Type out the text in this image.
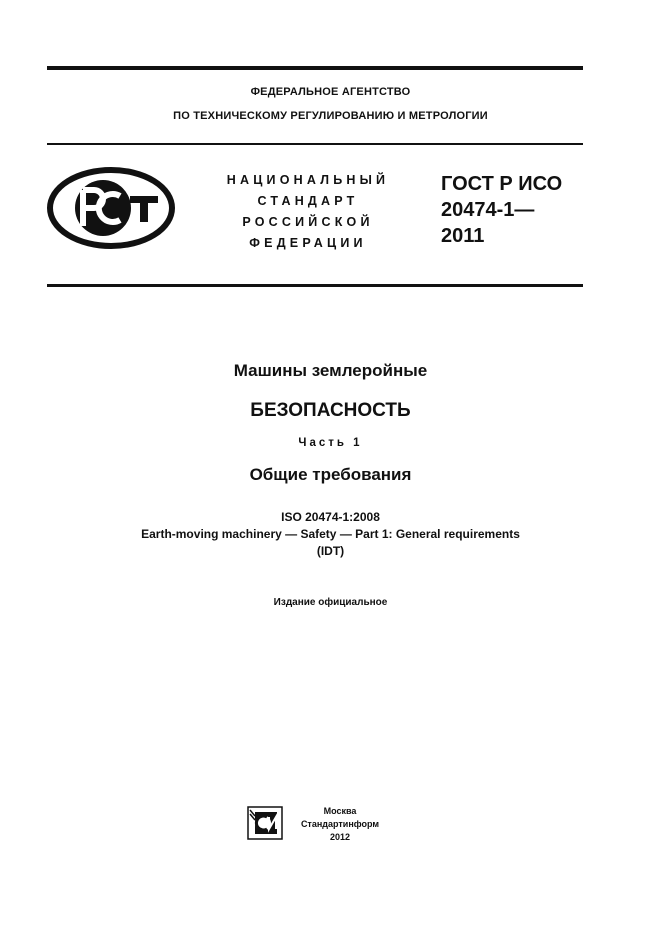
ФЕДЕРАЛЬНОЕ АГЕНТСТВО
ПО ТЕХНИЧЕСКОМУ РЕГУЛИРОВАНИЮ И МЕТРОЛОГИИ
НАЦИОНАЛЬНЫЙ
СТАНДАРТ
РОССИЙСКОЙ
ФЕДЕРАЦИИ
ГОСТ Р ИСО
20474-1—
2011
Машины землеройные
БЕЗОПАСНОСТЬ
Часть 1
Общие требования
ISO 20474-1:2008
Earth-moving machinery — Safety — Part 1: General requirements
(IDT)
Издание официальное
Москва
Стандартинформ
2012
